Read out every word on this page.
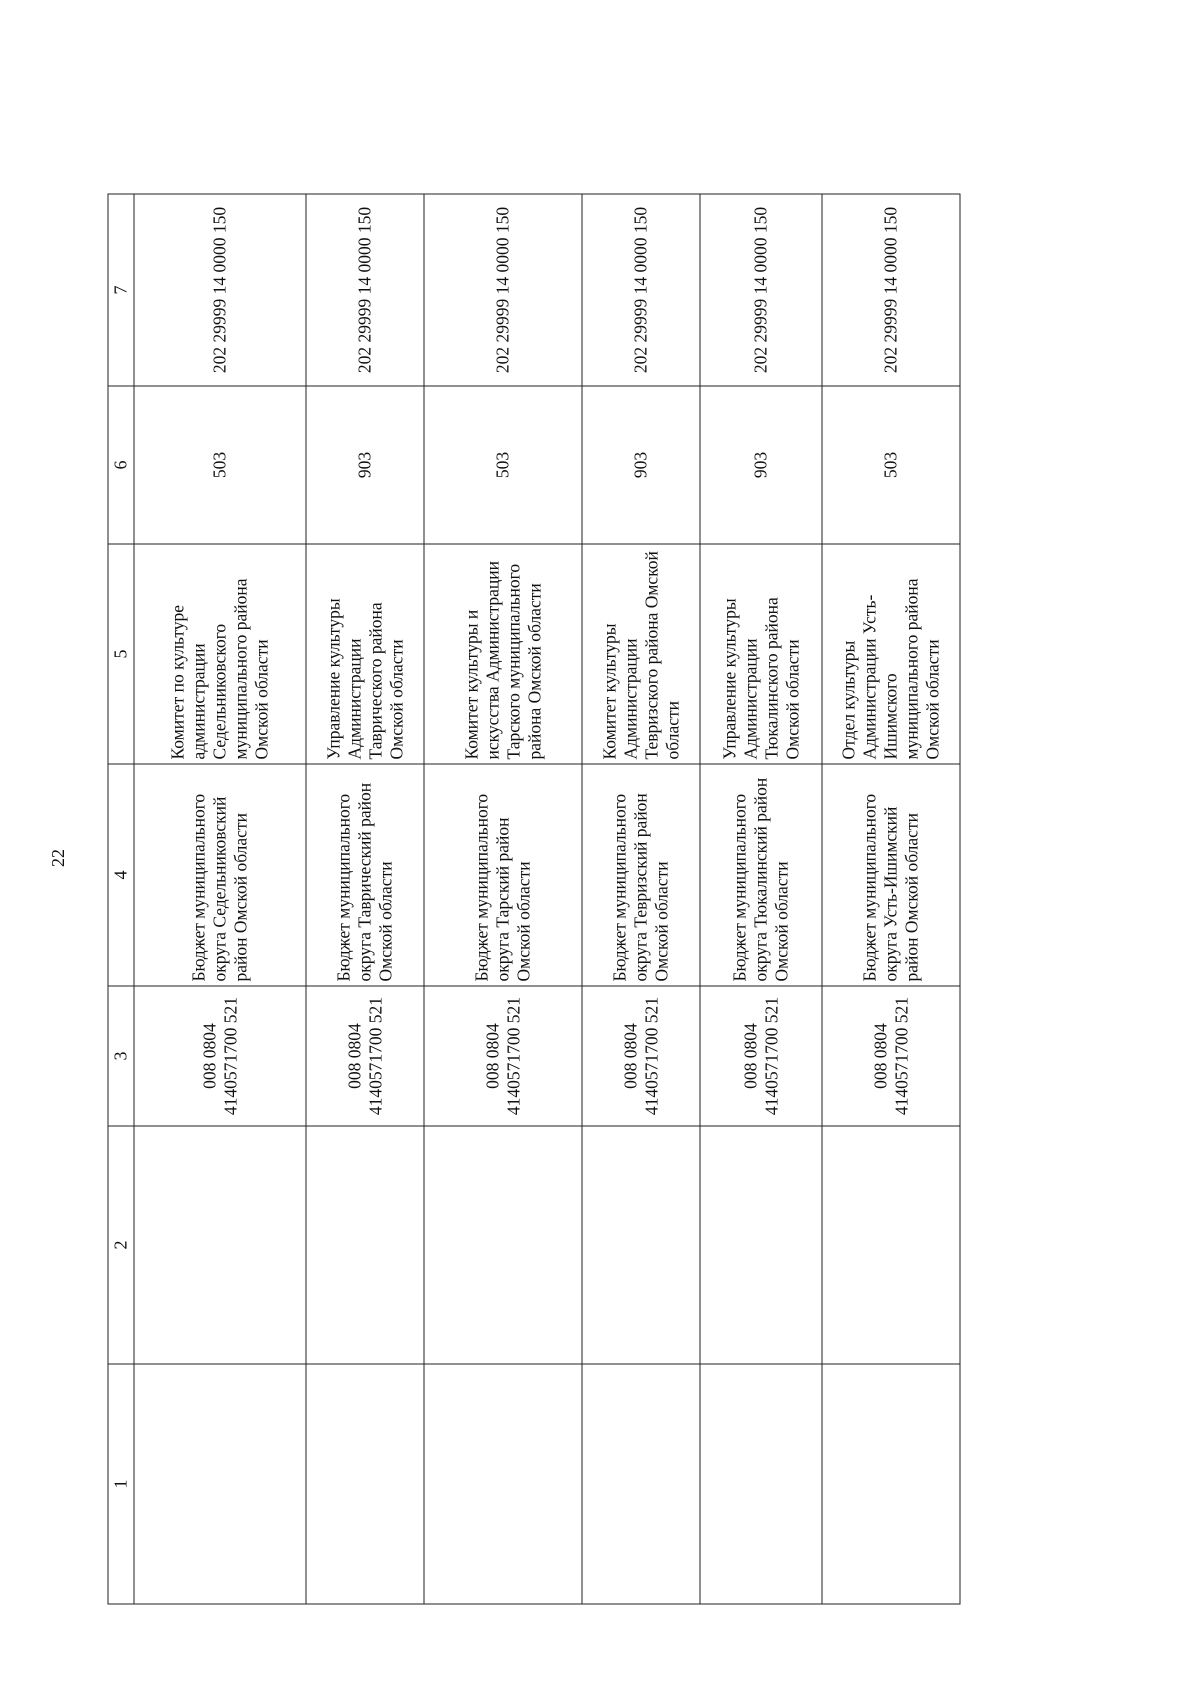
22
1	2	3	4	5	6	7

		008 0804 4140571700 521	Бюджет муниципального округа Седельниковский район Омской области	Комитет по культуре администрации Седельниковского муниципального района Омской области	503	202 29999 14 0000 150

		008 0804 4140571700 521	Бюджет муниципального округа Таврический район Омской области	Управление культуры Администрации Таврического района Омской области	903	202 29999 14 0000 150

		008 0804 4140571700 521	Бюджет муниципального округа Тарский район Омской области	Комитет культуры и искусства Администрации Тарского муниципального района Омской области	503	202 29999 14 0000 150

		008 0804 4140571700 521	Бюджет муниципального округа Тевризский район Омской области	Комитет культуры Администрации Тевризского района Омской области	903	202 29999 14 0000 150

		008 0804 4140571700 521	Бюджет муниципального округа Тюкалинский район Омской области	Управление культуры Администрации Тюкалинского района Омской области	903	202 29999 14 0000 150

		008 0804 4140571700 521	Бюджет муниципального округа Усть-Ишимский район Омской области	Отдел культуры Администрации Усть-Ишимского муниципального района Омской области	503	202 29999 14 0000 150
